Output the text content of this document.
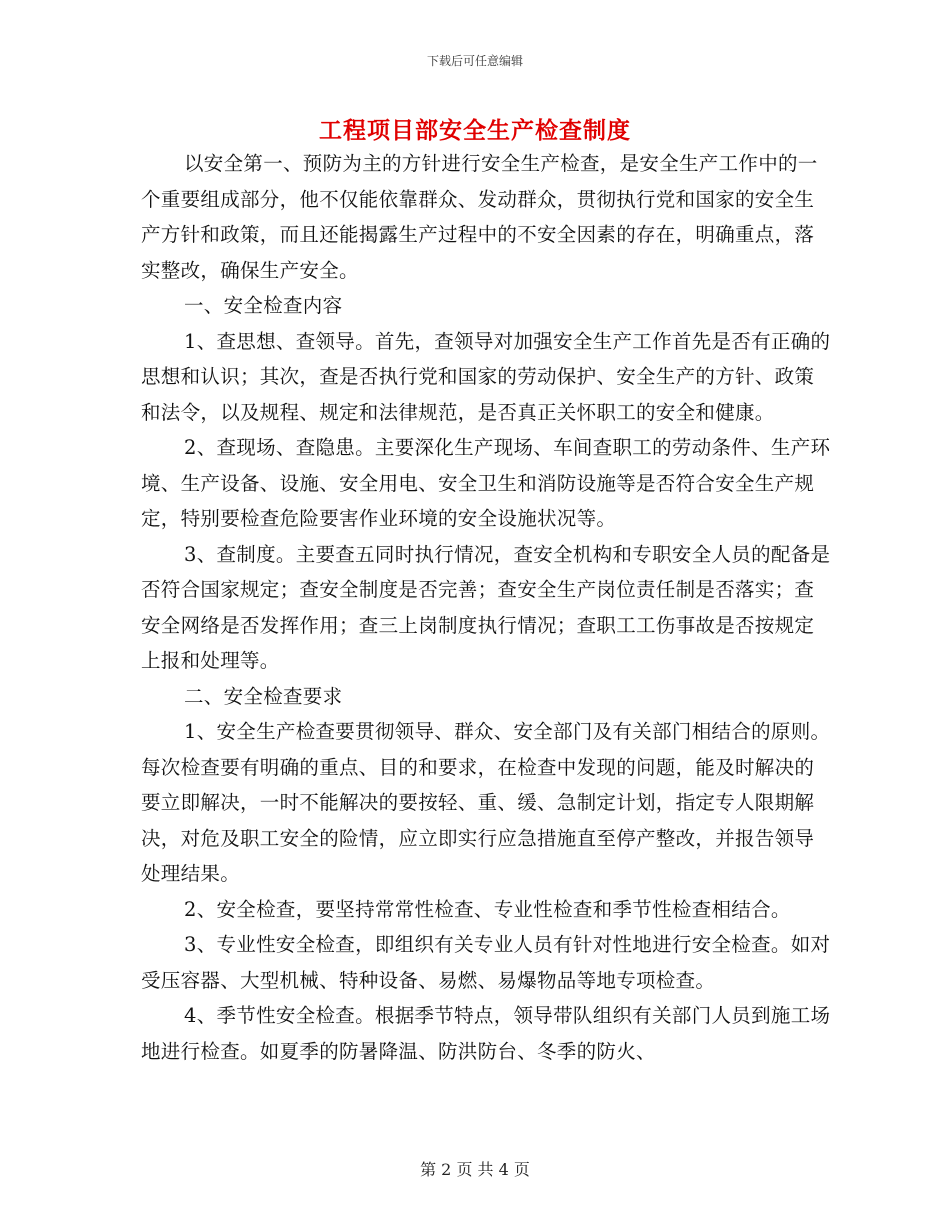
下载后可任意编辑
工程项目部安全生产检查制度

以安全第一、预防为主的方针进行安全生产检查，是安全生产工作中的一个重要组成部分，他不仅能依靠群众、发动群众，贯彻执行党和国家的安全生产方针和政策，而且还能揭露生产过程中的不安全因素的存在，明确重点，落实整改，确保生产安全。

一、安全检查内容

1、查思想、查领导。首先，查领导对加强安全生产工作首先是否有正确的思想和认识；其次，查是否执行党和国家的劳动保护、安全生产的方针、政策和法令，以及规程、规定和法律规范，是否真正关怀职工的安全和健康。

2、查现场、查隐患。主要深化生产现场、车间查职工的劳动条件、生产环境、生产设备、设施、安全用电、安全卫生和消防设施等是否符合安全生产规定，特别要检查危险要害作业环境的安全设施状况等。

3、查制度。主要查五同时执行情况，查安全机构和专职安全人员的配备是否符合国家规定；查安全制度是否完善；查安全生产岗位责任制是否落实；查安全网络是否发挥作用；查三上岗制度执行情况；查职工工伤事故是否按规定上报和处理等。

二、安全检查要求

1、安全生产检查要贯彻领导、群众、安全部门及有关部门相结合的原则。每次检查要有明确的重点、目的和要求，在检查中发现的问题，能及时解决的要立即解决，一时不能解决的要按轻、重、缓、急制定计划，指定专人限期解决，对危及职工安全的险情，应立即实行应急措施直至停产整改，并报告领导处理结果。

2、安全检查，要坚持常常性检查、专业性检查和季节性检查相结合。

3、专业性安全检查，即组织有关专业人员有针对性地进行安全检查。如对受压容器、大型机械、特种设备、易燃、易爆物品等地专项检查。

4、季节性安全检查。根据季节特点，领导带队组织有关部门人员到施工场地进行检查。如夏季的防暑降温、防洪防台、冬季的防火、

第 2 页 共 4 页
